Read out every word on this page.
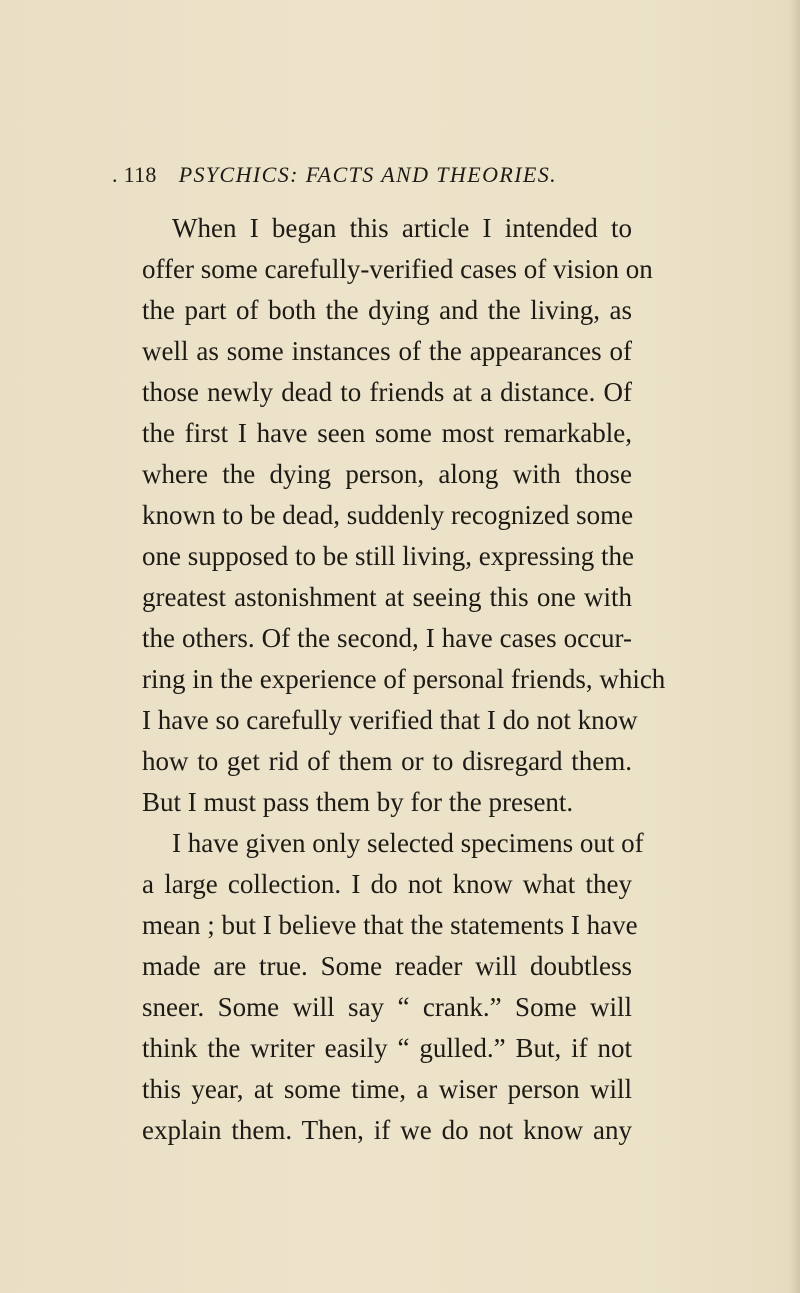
. 118 PSYCHICS: FACTS AND THEORIES.
When I began this article I intended to
offer some carefully-verified cases of vision on
the part of both the dying and the living, as
well as some instances of the appearances of
those newly dead to friends at a distance. Of
the first I have seen some most remarkable,
where the dying person, along with those
known to be dead, suddenly recognized some
one supposed to be still living, expressing the
greatest astonishment at seeing this one with
the others. Of the second, I have cases occur-
ring in the experience of personal friends, which
I have so carefully verified that I do not know
how to get rid of them or to disregard them.
But I must pass them by for the present.
I have given only selected specimens out of
a large collection. I do not know what they
mean ; but I believe that the statements I have
made are true. Some reader will doubtless
sneer. Some will say “ crank.” Some will
think the writer easily “ gulled.” But, if not
this year, at some time, a wiser person will
explain them. Then, if we do not know any
